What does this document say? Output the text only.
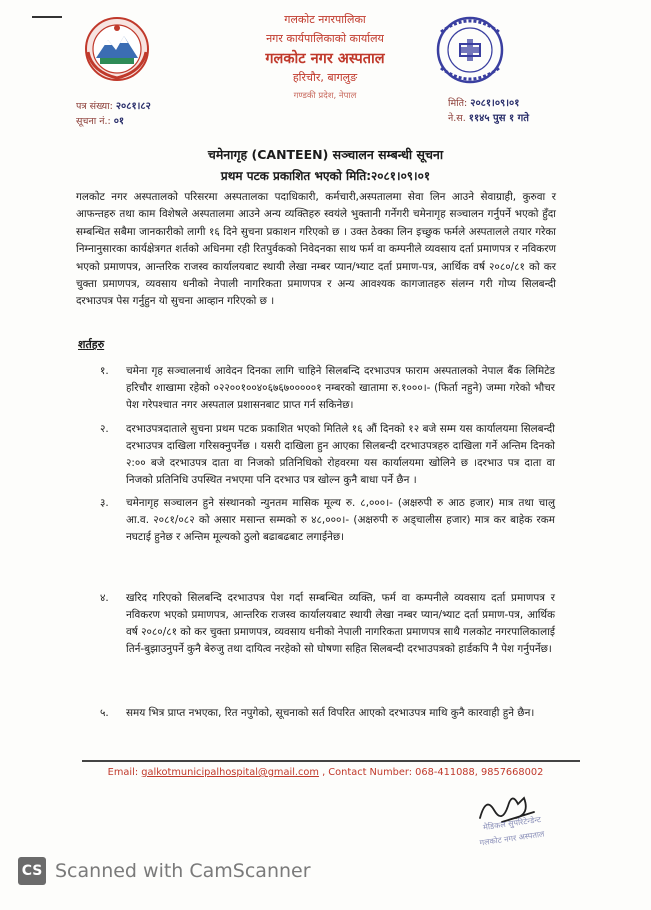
गलकोट नगरपालिका
नगर कार्यपालिकाको कार्यालय
गलकोट नगर अस्पताल
हरिचौर, बागलुङ
गण्डकी प्रदेश, नेपाल
पत्र संख्या: २०८१।८२
सूचना नं.: ०१
मिति: २०८१।०९।०१
ने.स. ११४५ पुस १ गते
चमेनागृह (CANTEEN) सञ्चालन सम्बन्धी सूचना
प्रथम पटक प्रकाशित भएको मिति:२०८१।०९।०१
गलकोट नगर अस्पतालको परिसरमा अस्पतालका पदाधिकारी, कर्मचारी,अस्पतालमा सेवा लिन आउने सेवाग्राही, कुरुवा र आफन्तहरु तथा काम विशेषले अस्पतालमा आउने अन्य व्यक्तिहरु स्वयंले भुक्तानी गर्नेगरी चमेनागृह सञ्चालन गर्नुपर्ने भएको हुँदा सम्बन्धित सबैमा जानकारीको लागी १६ दिने सुचना प्रकाशन गरिएको छ । उक्त ठेक्का लिन इच्छुक फर्मले अस्पतालले तयार गरेका निम्नानुसारका कार्यक्षेत्रगत शर्तको अधिनमा रही रितपुर्वकको निवेदनका साथ फर्म वा कम्पनीले व्यवसाय दर्ता प्रमाणपत्र र नविकरण भएको प्रमाणपत्र, आन्तरिक राजस्व कार्यालयबाट स्थायी लेखा नम्बर प्यान/भ्याट दर्ता प्रमाण-पत्र, आर्थिक वर्ष २०८०/८१ को कर चुक्ता प्रमाणपत्र, व्यवसाय धनीको नेपाली नागरिकता प्रमाणपत्र र अन्य आवश्यक कागजातहरु संलग्न गरी गोप्य सिलबन्दी दरभाउपत्र पेस गर्नुहुन यो सुचना आव्हान गरिएको छ ।
शर्तहरु
१.	चमेना गृह सञ्चालनार्थ आवेदन दिनका लागि चाहिने सिलबन्दि दरभाउपत्र फाराम अस्पतालको नेपाल बैंक लिमिटेड हरिचौर शाखामा रहेको ०२२००१००४०६७६७०००००१ नम्बरको खातामा रु.१०००।- (फिर्ता नहुने) जम्मा गरेको भौचर पेश गरेपश्चात नगर अस्पताल प्रशासनबाट प्राप्त गर्न सकिनेछ।
२.	दरभाउपत्रदाताले सुचना प्रथम पटक प्रकाशित भएको मितिले १६ औं दिनको १२ बजे सम्म यस कार्यालयमा सिलबन्दी दरभाउपत्र दाखिला गरिसक्नुपर्नेछ । यसरी दाखिला हुन आएका सिलबन्दी दरभाउपत्रहरु दाखिला गर्ने अन्तिम दिनको २:०० बजे दरभाउपत्र दाता वा निजको प्रतिनिधिको रोहवरमा यस कार्यालयमा खोलिने छ ।दरभाउ पत्र दाता वा निजको प्रतिनिधि उपस्थित नभएमा पनि दरभाउ पत्र खोल्न कुनै बाधा पर्ने छैन ।
३.	चमेनागृह सञ्चालन हुने संस्थानको न्युनतम मासिक मूल्य रु. ८,०००।- (अक्षरुपी रु आठ हजार) मात्र तथा चालु आ.व. २०८१/०८२ को असार मसान्त सम्मको रु ४८,०००।- (अक्षरुपी रु अड्चालीस हजार) मात्र कर बाहेक रकम नघटाई हुनेछ र अन्तिम मूल्यको ठुलो बढाबढबाट लगाईनेछ।
४.	खरिद गरिएको सिलबन्दि दरभाउपत्र पेश गर्दा सम्बन्धित व्यक्ति, फर्म वा कम्पनीले व्यवसाय दर्ता प्रमाणपत्र र नविकरण भएको प्रमाणपत्र, आन्तरिक राजस्व कार्यालयबाट स्थायी लेखा नम्बर प्यान/भ्याट दर्ता प्रमाण-पत्र, आर्थिक वर्ष २०८०/८१ को कर चुक्ता प्रमाणपत्र, व्यवसाय धनीको नेपाली नागरिकता प्रमाणपत्र साथै गलकोट नगरपालिकालाई तिर्न-बुझाउनुपर्ने कुनै बेरुजु तथा दायित्व नरहेको सो घोषणा सहित सिलबन्दी दरभाउपत्रको हार्डकपि नै पेश गर्नुपर्नेछ।
५.	समय भित्र प्राप्त नभएका, रित नपुगेको, सूचनाको सर्त विपरित आएको दरभाउपत्र माथि कुनै कारवाही हुने छैन।
Email: galkotmunicipalhospital@gmail.com , Contact Number: 068-411088, 9857668002
मेडिकल सुपरिटेन्डेन्ट
गलकोट नगर अस्पताल
CS Scanned with CamScanner
